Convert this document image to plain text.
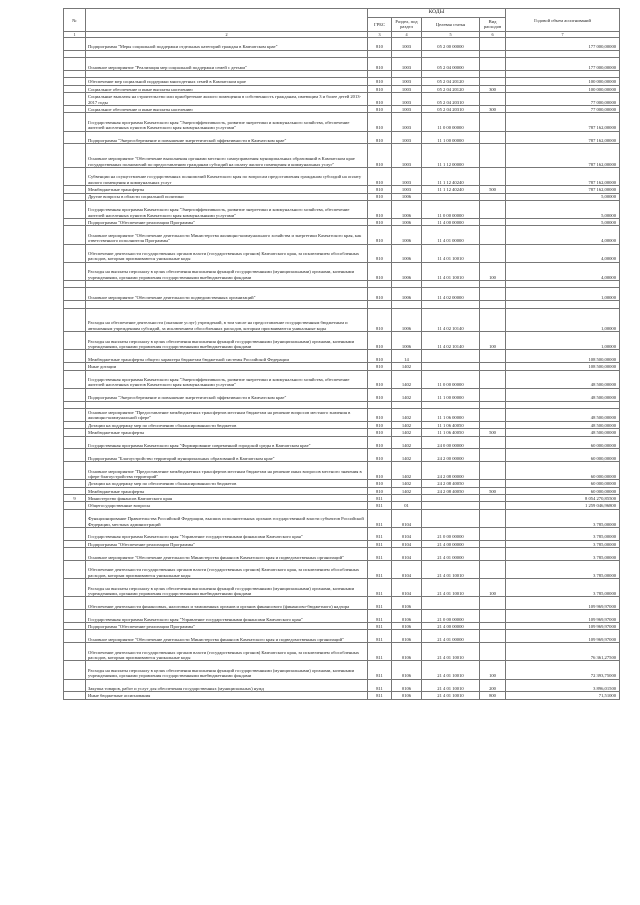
№		КОДЫ				Годовой объем ассигнований
		ГРБС	Раздел, под раздел	Целевая статья	Вид расходов	
1	2	3	4	5	6	7
	Подпрограмма "Меры социальной поддержки отдельных категорий граждан в Камчатском крае"	810	1003	05 2 00 00000		177 000,00000

	Основное мероприятие "Реализация мер социальной поддержки семей с детьми"	810	1003	05 2 04 00000		177 000,00000

	Обеспечение мер социальной поддержки многодетных семей в Камчатском крае	810	1003	05 2 04 20120		100 000,00000
	Социальное обеспечение и иные выплаты населению	810	1003	05 2 04 20120	300	100 000,00000
	Социальные выплаты на строительство или приобретение жилого помещения в собственность гражданам, имеющим 3 и более детей 2013-2017 годы	810	1003	05 2 04 20310		77 000,00000
	Социальное обеспечение и иные выплаты населению	810	1003	05 2 04 20310	300	77 000,00000
	Государственная программа Камчатского края "Энергоэффективность, развитие энергетики и коммунального хозяйства, обеспечение жителей населенных пунктов Камчатского края коммунальными услугами"	810	1003	11 0 00 00000		787 162,00000
	Подпрограмма "Энергосбережение и повышение энергетической эффективности в Камчатском крае"	810	1003	11 1 00 00000		787 162,00000
	Основное мероприятие "Обеспечение выполнения органами местного самоуправления муниципальных образований в Камчатском крае государственных полномочий по предоставлению гражданам субсидий на оплату жилого помещения и коммунальных услуг"	810	1003	11 1 12 00000		787 162,00000
	Субвенции на осуществление государственных полномочий Камчатского края по вопросам предоставления гражданам субсидий на оплату жилого помещения и коммунальных услуг	810	1003	11 1 12 40240		787 162,00000
	Межбюджетные трансферты	810	1003	11 1 12 40240	500	787 162,00000
	Другие вопросы в области социальной политики	810	1006			5,00000
	Государственная программа Камчатского края "Энергоэффективность, развитие энергетики и коммунального хозяйства, обеспечение жителей населенных пунктов Камчатского края коммунальными услугами"	810	1006	11 0 00 00000		5,00000
	Подпрограмма "Обеспечение реализации Программы"	810	1006	11 4 00 00000		5,00000
	Основное мероприятие "Обеспечение деятельности Министерства жилищно-коммунального хозяйства и энергетики Камчатского края, как ответственного исполнителя Программы"	810	1006	11 4 01 00000		4,00000
	Обеспечение деятельности государственных органов власти (государственных органов) Камчатского края, за исключением обособленных расходов, которым присваиваются уникальные коды	810	1006	11 4 01 10010		4,00000
	Расходы на выплаты персоналу в целях обеспечения выполнения функций государственными (муниципальными) органами, казенными учреждениями, органами управления государственными внебюджетными фондами	810	1006	11 4 01 10010	100	4,00000

	Основное мероприятие "Обеспечение деятельности подведомственных организаций"	810	1006	11 4 02 00000		1,00000

	Расходы на обеспечение деятельности (оказание услуг) учреждений, в том числе на предоставление государственным бюджетным и автономным учреждениям субсидий, за исключением обособленных расходов, которым присваиваются уникальные коды	810	1006	11 4 02 10140		1,00000
	Расходы на выплаты персоналу в целях обеспечения выполнения функций государственными (муниципальными) органами, казенными учреждениями, органами управления государственными внебюджетными фондами	810	1006	11 4 02 10140	100	1,00000
	Межбюджетные трансферты общего характера бюджетам бюджетной системы Российской Федерации	810	14			108 500,00000
	Иные дотации	810	1402			108 500,00000
	Государственная программа Камчатского края "Энергоэффективность, развитие энергетики и коммунального хозяйства, обеспечение жителей населенных пунктов Камчатского края коммунальными услугами"	810	1402	11 0 00 00000		48 500,00000
	Подпрограмма "Энергосбережение и повышение энергетической эффективности в Камчатском крае"	810	1402	11 1 00 00000		48 500,00000

	Основное мероприятие "Предоставление межбюджетных трансфертов местным бюджетам на решение вопросов местного значения в жилищно-коммунальной сфере"	810	1402	11 1 06 00000		48 500,00000
	Дотации на поддержку мер по обеспечению сбалансированности бюджетов	810	1402	11 1 06 40050		48 500,00000
	Межбюджетные трансферты	810	1402	11 1 06 40050	500	48 500,00000
	Государственная программа Камчатского края "Формирование современной городской среды в Камчатском крае"	810	1402	24 0 00 00000		60 000,00000
	Подпрограмма "Благоустройство территорий муниципальных образований в Камчатском крае"	810	1402	24 2 00 00000		60 000,00000
	Основное мероприятие "Предоставление межбюджетных трансфертов местным бюджетам на решение иных вопросов местного значения в сфере благоустройства территорий"	810	1402	24 2 08 00000		60 000,00000
	Дотации на поддержку мер по обеспечению сбалансированности бюджетов	810	1402	24 2 08 40050		60 000,00000
	Межбюджетные трансферты	810	1402	24 2 08 40050	500	60 000,00000
9	Министерство финансов Камчатского края	811				8 054 270,85500
	Общегосударственные вопросы	811	01			1 259 046,96800
	Функционирование Правительства Российской Федерации, высших исполнительных органов государственной власти субъектов Российской Федерации, местных администраций	811	0104			3 785,00000
	Государственная программа Камчатского края "Управление государственными финансами Камчатского края"	811	0104	21 0 00 00000		3 785,00000
	Подпрограмма "Обеспечение реализации Программы"	811	0104	21 4 00 00000		3 785,00000
	Основное мероприятие "Обеспечение деятельности Министерства финансов Камчатского края и подведомственных организаций"	811	0104	21 4 01 00000		3 785,00000
	Обеспечение деятельности государственных органов власти (государственных органов) Камчатского края, за исключением обособленных расходов, которым присваиваются уникальные коды	811	0104	21 4 01 10010		3 785,00000
	Расходы на выплаты персоналу в целях обеспечения выполнения функций государственными (муниципальными) органами, казенными учреждениями, органами управления государственными внебюджетными фондами	811	0104	21 4 01 10010	100	3 785,00000
	Обеспечение деятельности финансовых, налоговых и таможенных органов и органов финансового (финансово-бюджетного) надзора	811	0106			109 969,97000
	Государственная программа Камчатского края "Управление государственными финансами Камчатского края"	811	0106	21 0 00 00000		109 969,97000
	Подпрограмма "Обеспечение реализации Программы"	811	0106	21 4 00 00000		109 969,97000
	Основное мероприятие "Обеспечение деятельности Министерства финансов Камчатского края и подведомственных организаций"	811	0106	21 4 01 00000		109 969,97000
	Обеспечение деятельности государственных органов власти (государственных органов) Камчатского края, за исключением обособленных расходов, которым присваиваются уникальные коды	811	0106	21 4 01 10010		76 361,27500
	Расходы на выплаты персоналу в целях обеспечения выполнения функций государственными (муниципальными) органами, казенными учреждениями, органами управления государственными внебюджетными фондами	811	0106	21 4 01 10010	100	72 393,75000
	Закупка товаров, работ и услуг для обеспечения государственных (муниципальных) нужд	811	0106	21 4 01 10010	200	3 896,01500
	Иные бюджетные ассигнования	811	0106	21 4 01 10010	800	71,51000
